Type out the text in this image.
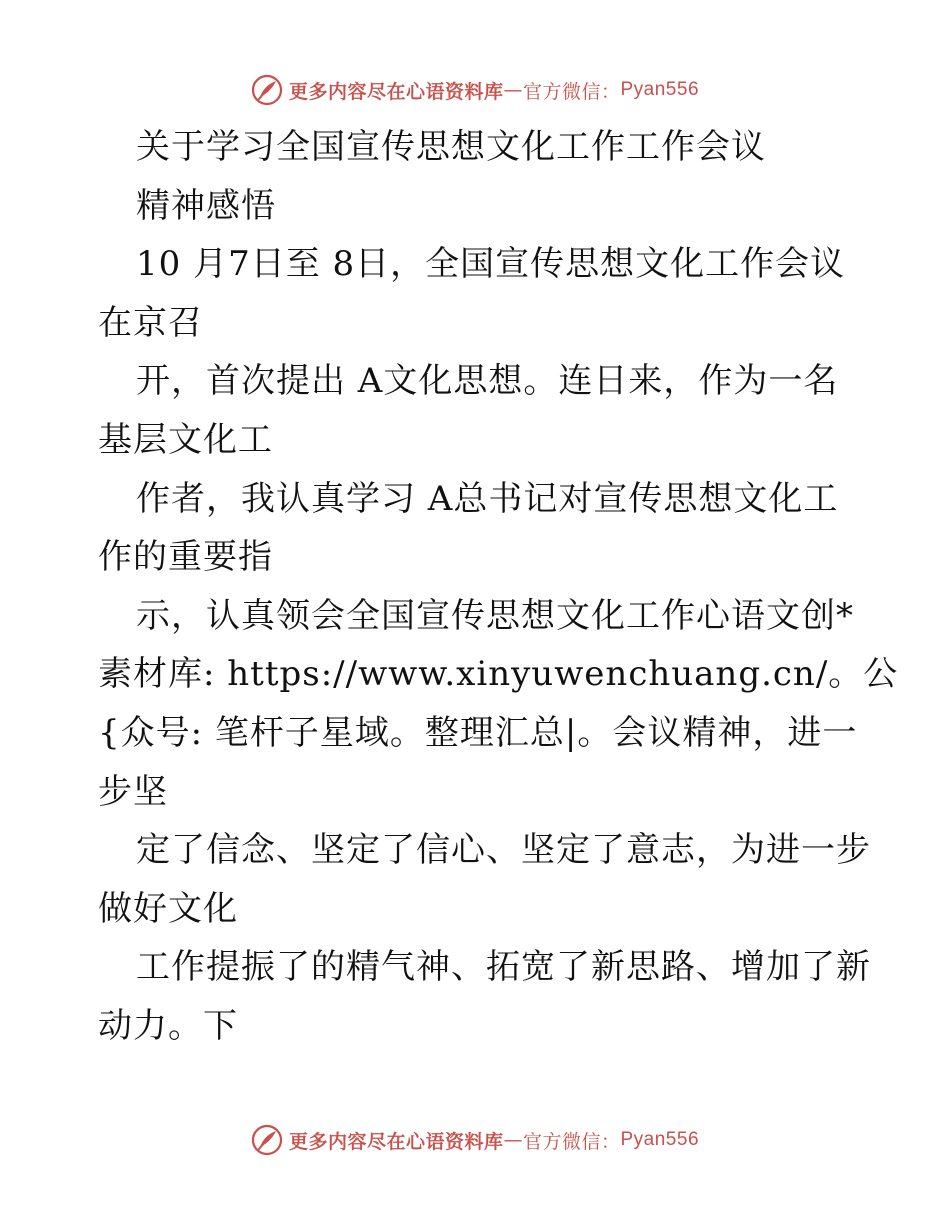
更多内容尽在心语资料库 — 官方微信： Pyan556
关于学习全国宣传思想文化工作工作会议
精神感悟
10 月7日至 8日，全国宣传思想文化工作会议
在京召
开，首次提出 A文化思想。连日来，作为一名
基层文化工
作者，我认真学习 A总书记对宣传思想文化工
作的重要指
示，认真领会全国宣传思想文化工作心语文创*
素材库: https://www.xinyuwenchuang.cn/。公
{众号: 笔杆子星域。整理汇总|。会议精神，进一
步坚
定了信念、坚定了信心、坚定了意志，为进一步
做好文化
工作提振了的精气神、拓宽了新思路、增加了新
动力。下
更多内容尽在心语资料库 — 官方微信： Pyan556
